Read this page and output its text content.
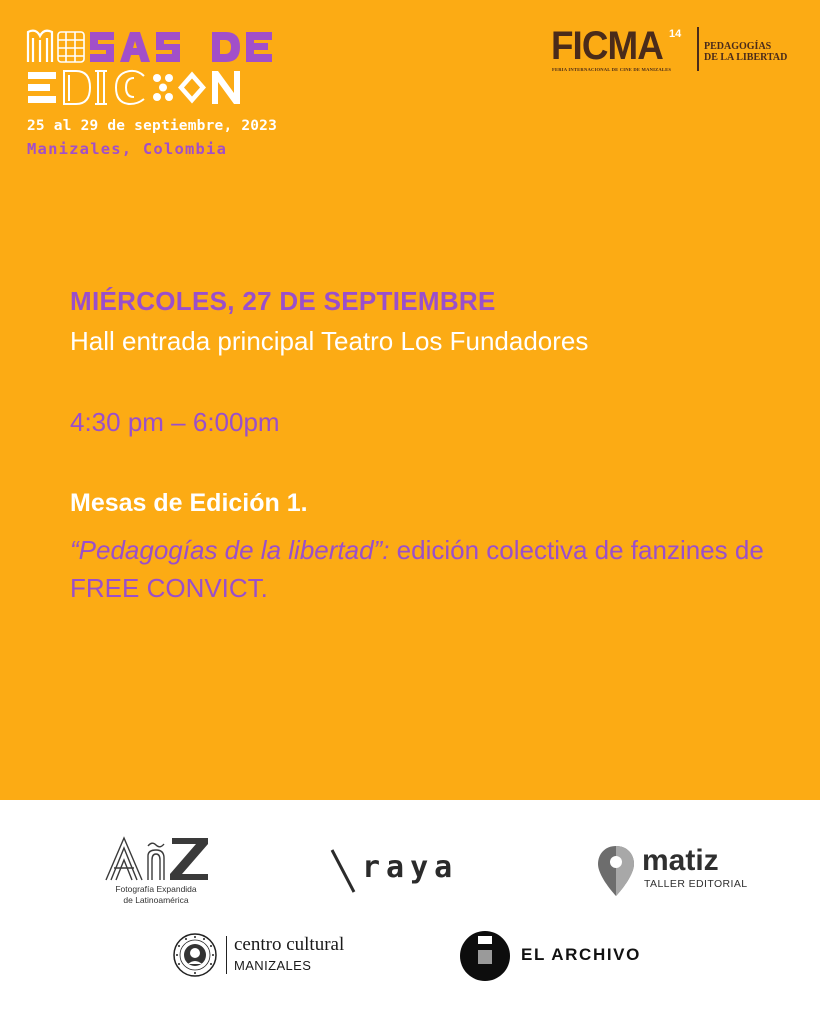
25 al 29 de septiembre, 2023
Manizales, Colombia
FICMA 14
FERIA INTERNACIONAL DE CINE DE MANIZALES
PEDAGOGÍAS
DE LA LIBERTAD
MIÉRCOLES, 27 DE SEPTIEMBRE
Hall entrada principal Teatro Los Fundadores
4:30 pm – 6:00pm
Mesas de Edición 1.
“Pedagogías de la libertad”: edición colectiva de fanzines de FREE CONVICT.
Fotografía Expandida
de Latinoamérica
raya	matiz
TALLER EDITORIAL
centro cultural
MANIZALES
EL ARCHIVO
